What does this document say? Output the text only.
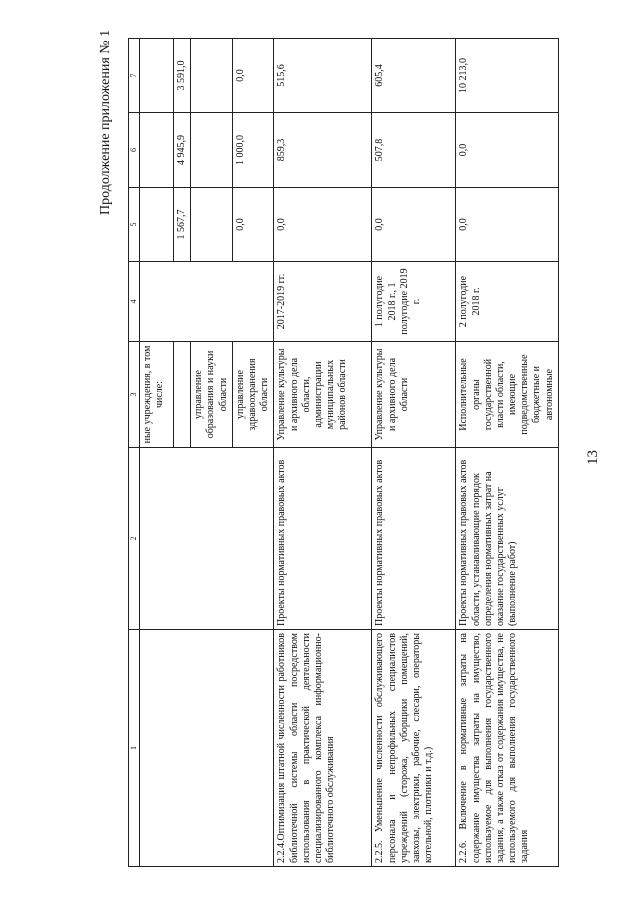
Продолжение приложения № 1
13
1	2	3	4	5	6	7
		ные учреждения, в том числе:				
				1 567,7	4 945,9	3 591,0
		управление образования и науки области				
		управление здравоохранения области		0,0	1 000,0	0,0
2.2.4.Оптимизация штатной численности работников библиотечной системы области посредством использования в практической деятельности специализированного комплекса информационно-библиотечного обслуживания	Проекты нормативных правовых актов	Управление культуры и архивного дела области, администрации муниципальных районов области	2017-2019 гг.	0,0	859,3	515,6
2.2.5. Уменьшение численности обслуживающего персонала и непрофильных специалистов учреждений (сторожа, уборщики помещений, завхозы, электрики, рабочие, слесари, операторы котельной, плотники и т.д.)	Проекты нормативных правовых актов	Управление культуры и архивного дела области	1 полугодие 2018 г., 1 полугодие 2019 г.	0,0	507,8	605,4
2.2.6. Включение в нормативные затраты на содержание имущества затраты на имущество, используемое для выполнения государственного задания, а также отказ от содержания имущества, не используемого для выполнения государственного задания	Проекты нормативных правовых актов области, устанавливающие порядок определения нормативных затрат на оказание государственных услуг (выполнение работ)	Исполнительные органы государственной власти области, имеющие подведомственные бюджетные и автономные	2 полугодие 2018 г.	0,0	0,0	10 213,0
